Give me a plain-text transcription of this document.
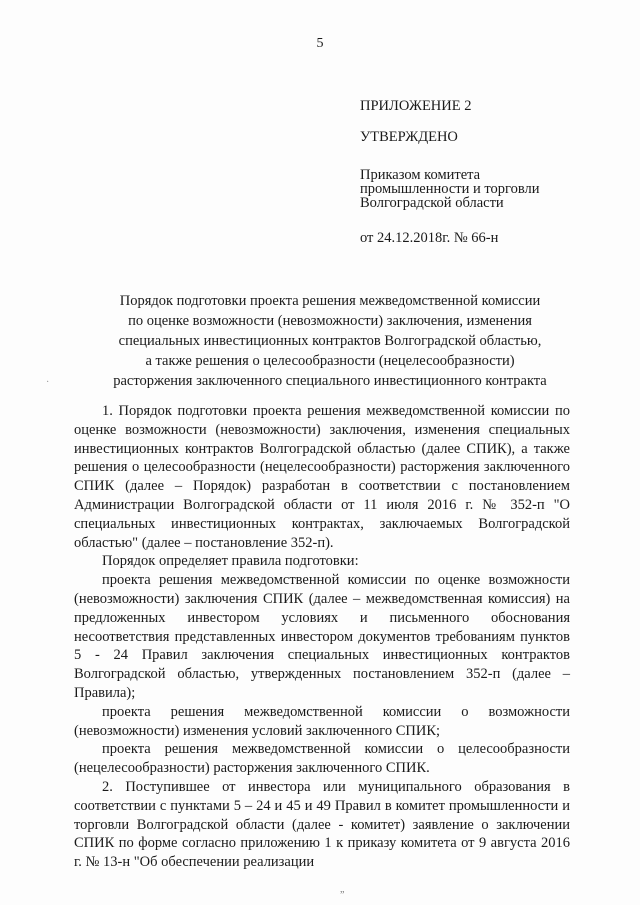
5
ПРИЛОЖЕНИЕ 2
УТВЕРЖДЕНО
Приказом комитета
промышленности и торговли
Волгоградской области
от 24.12.2018г. № 66-н
Порядок подготовки проекта решения межведомственной комиссии
по оценке возможности (невозможности) заключения, изменения
специальных инвестиционных контрактов Волгоградской областью,
а также решения о целесообразности (нецелесообразности)
расторжения заключенного специального инвестиционного контракта
·

1. Порядок подготовки проекта решения межведомственной комиссии по оценке возможности (невозможности) заключения, изменения специальных инвестиционных контрактов Волгоградской областью (далее СПИК), а также решения о целесообразности (нецелесообразности) расторжения заключенного СПИК (далее – Порядок) разработан в соответствии с постановлением Администрации Волгоградской области от 11 июля 2016 г. № 352-п "О специальных инвестиционных контрактах, заключаемых Волгоградской областью" (далее – постановление 352-п).

Порядок определяет правила подготовки:

проекта решения межведомственной комиссии по оценке возможности (невозможности) заключения СПИК (далее – межведомственная комиссия) на предложенных инвестором условиях и письменного обоснования несоответствия представленных инвестором документов требованиям пунктов 5 - 24 Правил заключения специальных инвестиционных контрактов Волгоградской областью, утвержденных постановлением 352-п (далее – Правила);

проекта решения межведомственной комиссии о возможности (невозможности) изменения условий заключенного СПИК;

проекта решения межведомственной комиссии о целесообразности (нецелесообразности) расторжения заключенного СПИК.

2. Поступившее от инвестора или муниципального образования в соответствии с пунктами 5 – 24 и 45 и 49 Правил в комитет промышленности и торговли Волгоградской области (далее - комитет) заявление о заключении СПИК по форме согласно приложению 1 к приказу комитета от 9 августа 2016 г. № 13-н "Об обеспечении реализации

„
